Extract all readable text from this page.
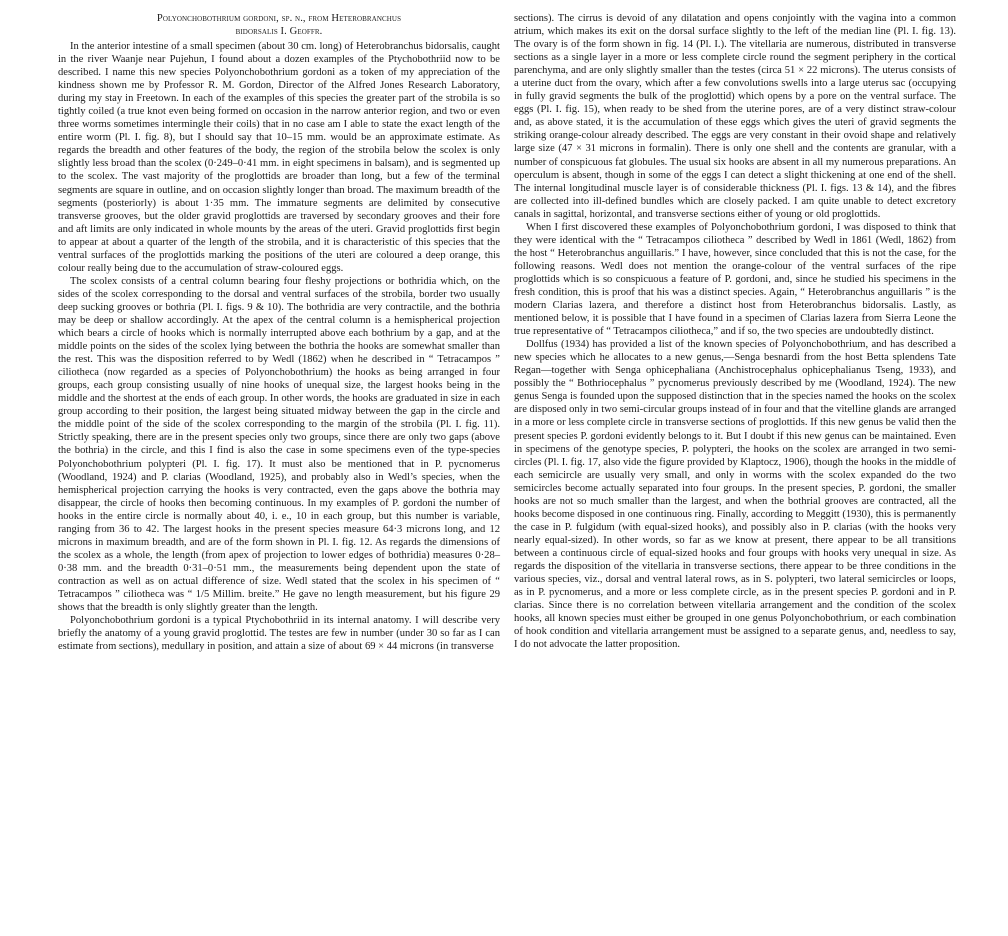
Polyonchobothrium gordoni, sp. n., from Heterobranchus
bidorsalis I. Geoffr.

In the anterior intestine of a small specimen (about 30 cm. long) of Heterobranchus bidorsalis, caught in the river Waanje near Pujehun, I found about a dozen examples of the Ptychobothriid now to be described. I name this new species Polyonchobothrium gordoni as a token of my appreciation of the kindness shown me by Professor R. M. Gordon, Director of the Alfred Jones Research Laboratory, during my stay in Freetown. In each of the examples of this species the greater part of the strobila is so tightly coiled (a true knot even being formed on occasion in the narrow anterior region, and two or even three worms sometimes intermingle their coils) that in no case am I able to state the exact length of the entire worm (Pl. I. fig. 8), but I should say that 10–15 mm. would be an approximate estimate. As regards the breadth and other features of the body, the region of the strobila below the scolex is only slightly less broad than the scolex (0·249–0·41 mm. in eight specimens in balsam), and is segmented up to the scolex. The vast majority of the proglottids are broader than long, but a few of the terminal segments are square in outline, and on occasion slightly longer than broad. The maximum breadth of the segments (posteriorly) is about 1·35 mm. The immature segments are delimited by consecutive transverse grooves, but the older gravid proglottids are traversed by secondary grooves and their fore and aft limits are only indicated in whole mounts by the areas of the uteri. Gravid proglottids first begin to appear at about a quarter of the length of the strobila, and it is characteristic of this species that the ventral surfaces of the proglottids marking the positions of the uteri are coloured a deep orange, this colour really being due to the accumulation of straw-coloured eggs.

The scolex consists of a central column bearing four fleshy projections or bothridia which, on the sides of the scolex corresponding to the dorsal and ventral surfaces of the strobila, border two usually deep sucking grooves or bothria (Pl. I. figs. 9 & 10). The bothridia are very contractile, and the bothria may be deep or shallow accordingly. At the apex of the central column is a hemispherical projection which bears a circle of hooks which is normally interrupted above each bothrium by a gap, and at the middle points on the sides of the scolex lying between the bothria the hooks are somewhat smaller than the rest. This was the disposition referred to by Wedl (1862) when he described in “ Tetracampos ” ciliotheca (now regarded as a species of Polyonchobothrium) the hooks as being arranged in four groups, each group consisting usually of nine hooks of unequal size, the largest hooks being in the middle and the shortest at the ends of each group. In other words, the hooks are graduated in size in each group according to their position, the largest being situated midway between the gap in the circle and the middle point of the side of the scolex corresponding to the margin of the strobila (Pl. I. fig. 11). Strictly speaking, there are in the present species only two groups, since there are only two gaps (above the bothria) in the circle, and this I find is also the case in some specimens even of the type-species Polyonchobothrium polypteri (Pl. I. fig. 17). It must also be mentioned that in P. pycnomerus (Woodland, 1924) and P. clarias (Woodland, 1925), and probably also in Wedl’s species, when the hemispherical projection carrying the hooks is very contracted, even the gaps above the bothria may disappear, the circle of hooks then becoming continuous. In my examples of P. gordoni the number of hooks in the entire circle is normally about 40, i. e., 10 in each group, but this number is variable, ranging from 36 to 42. The largest hooks in the present species measure 64·3 microns long, and 12 microns in maximum breadth, and are of the form shown in Pl. I. fig. 12. As regards the dimensions of the scolex as a whole, the length (from apex of projection to lower edges of bothridia) measures 0·28–0·38 mm. and the breadth 0·31–0·51 mm., the measurements being dependent upon the state of contraction as well as on actual difference of size. Wedl stated that the scolex in his specimen of “ Tetracampos ” ciliotheca was “ 1/5 Millim. breite.” He gave no length measurement, but his figure 29 shows that the breadth is only slightly greater than the length.

Polyonchobothrium gordoni is a typical Ptychobothriid in its internal anatomy. I will describe very briefly the anatomy of a young gravid proglottid. The testes are few in number (under 30 so far as I can estimate from sections), medullary in position, and attain a size of about 69 × 44 microns (in transverse

sections). The cirrus is devoid of any dilatation and opens conjointly with the vagina into a common atrium, which makes its exit on the dorsal surface slightly to the left of the median line (Pl. I. fig. 13). The ovary is of the form shown in fig. 14 (Pl. I.). The vitellaria are numerous, distributed in transverse sections as a single layer in a more or less complete circle round the segment periphery in the cortical parenchyma, and are only slightly smaller than the testes (circa 51 × 22 microns). The uterus consists of a uterine duct from the ovary, which after a few convolutions swells into a large uterus sac (occupying in fully gravid segments the bulk of the proglottid) which opens by a pore on the ventral surface. The eggs (Pl. I. fig. 15), when ready to be shed from the uterine pores, are of a very distinct straw-colour and, as above stated, it is the accumulation of these eggs which gives the uteri of gravid segments the striking orange-colour already described. The eggs are very constant in their ovoid shape and relatively large size (47 × 31 microns in formalin). There is only one shell and the contents are granular, with a number of conspicuous fat globules. The usual six hooks are absent in all my numerous preparations. An operculum is absent, though in some of the eggs I can detect a slight thickening at one end of the shell. The internal longitudinal muscle layer is of considerable thickness (Pl. I. figs. 13 & 14), and the fibres are collected into ill-defined bundles which are closely packed. I am quite unable to detect excretory canals in sagittal, horizontal, and transverse sections either of young or old proglottids.

When I first discovered these examples of Polyonchobothrium gordoni, I was disposed to think that they were identical with the “ Tetracampos ciliotheca ” described by Wedl in 1861 (Wedl, 1862) from the host “ Heterobranchus anguillaris.” I have, however, since concluded that this is not the case, for the following reasons. Wedl does not mention the orange-colour of the ventral surfaces of the ripe proglottids which is so conspicuous a feature of P. gordoni, and, since he studied his specimens in the fresh condition, this is proof that his was a distinct species. Again, “ Heterobranchus anguillaris ” is the modern Clarias lazera, and therefore a distinct host from Heterobranchus bidorsalis. Lastly, as mentioned below, it is possible that I have found in a specimen of Clarias lazera from Sierra Leone the true representative of “ Tetracampos ciliotheca,” and if so, the two species are undoubtedly distinct.

Dollfus (1934) has provided a list of the known species of Polyonchobothrium, and has described a new species which he allocates to a new genus,—Senga besnardi from the host Betta splendens Tate Regan—together with Senga ophicephaliana (Anchistrocephalus ophicephalianus Tseng, 1933), and possibly the “ Bothriocephalus ” pycnomerus previously described by me (Woodland, 1924). The new genus Senga is founded upon the supposed distinction that in the species named the hooks on the scolex are disposed only in two semi-circular groups instead of in four and that the vitelline glands are arranged in a more or less complete circle in transverse sections of proglottids. If this new genus be valid then the present species P. gordoni evidently belongs to it. But I doubt if this new genus can be maintained. Even in specimens of the genotype species, P. polypteri, the hooks on the scolex are arranged in two semi-circles (Pl. I. fig. 17, also vide the figure provided by Klaptocz, 1906), though the hooks in the middle of each semicircle are usually very small, and only in worms with the scolex expanded do the two semicircles become actually separated into four groups. In the present species, P. gordoni, the smaller hooks are not so much smaller than the largest, and when the bothrial grooves are contracted, all the hooks become disposed in one continuous ring. Finally, according to Meggitt (1930), this is permanently the case in P. fulgidum (with equal-sized hooks), and possibly also in P. clarias (with the hooks very nearly equal-sized). In other words, so far as we know at present, there appear to be all transitions between a continuous circle of equal-sized hooks and four groups with hooks very unequal in size. As regards the disposition of the vitellaria in transverse sections, there appear to be three conditions in the various species, viz., dorsal and ventral lateral rows, as in S. polypteri, two lateral semicircles or loops, as in P. pycnomerus, and a more or less complete circle, as in the present species P. gordoni and in P. clarias. Since there is no correlation between vitellaria arrangement and the condition of the scolex hooks, all known species must either be grouped in one genus Polyonchobothrium, or each combination of hook condition and vitellaria arrangement must be assigned to a separate genus, and, needless to say, I do not advocate the latter proposition.
